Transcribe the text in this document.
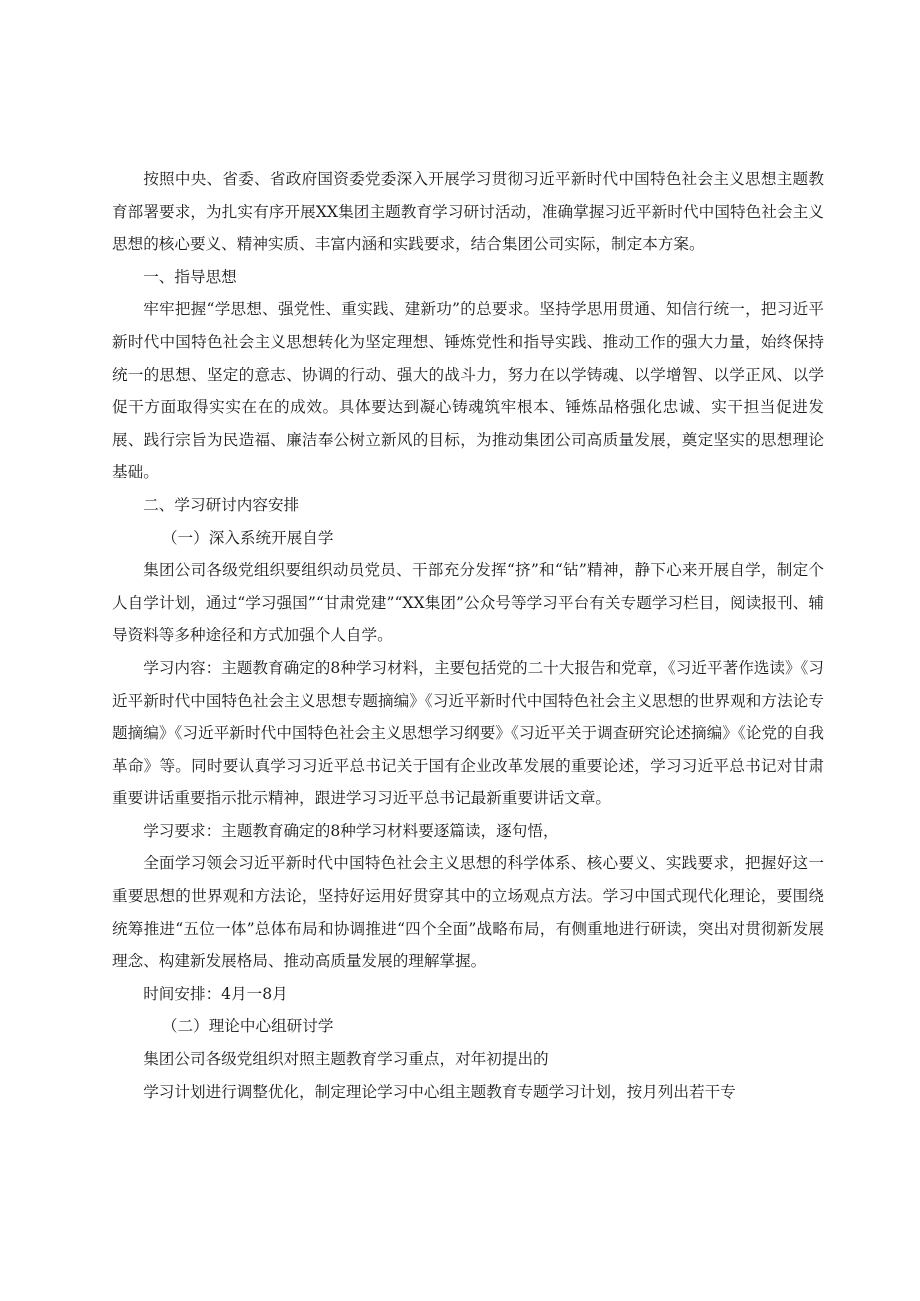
按照中央、省委、省政府国资委党委深入开展学习贯彻习近平新时代中国特色社会主义思想主题教育部署要求，为扎实有序开展XX集团主题教育学习研讨活动，准确掌握习近平新时代中国特色社会主义思想的核心要义、精神实质、丰富内涵和实践要求，结合集团公司实际，制定本方案。

一、指导思想

牢牢把握“学思想、强党性、重实践、建新功”的总要求。坚持学思用贯通、知信行统一，把习近平新时代中国特色社会主义思想转化为坚定理想、锤炼党性和指导实践、推动工作的强大力量，始终保持统一的思想、坚定的意志、协调的行动、强大的战斗力，努力在以学铸魂、以学增智、以学正风、以学促干方面取得实实在在的成效。具体要达到凝心铸魂筑牢根本、锤炼品格强化忠诚、实干担当促进发展、践行宗旨为民造福、廉洁奉公树立新风的目标，为推动集团公司高质量发展，奠定坚实的思想理论基础。

二、学习研讨内容安排

（一）深入系统开展自学

集团公司各级党组织要组织动员党员、干部充分发挥“挤”和“钻”精神，静下心来开展自学，制定个人自学计划，通过“学习强国”“甘肃党建”“XX集团”公众号等学习平台有关专题学习栏目，阅读报刊、辅导资料等多种途径和方式加强个人自学。

学习内容：主题教育确定的8种学习材料，主要包括党的二十大报告和党章，《习近平著作选读》《习近平新时代中国特色社会主义思想专题摘编》《习近平新时代中国特色社会主义思想的世界观和方法论专题摘编》《习近平新时代中国特色社会主义思想学习纲要》《习近平关于调查研究论述摘编》《论党的自我革命》等。同时要认真学习习近平总书记关于国有企业改革发展的重要论述，学习习近平总书记对甘肃重要讲话重要指示批示精神，跟进学习习近平总书记最新重要讲话文章。

学习要求：主题教育确定的8种学习材料要逐篇读，逐句悟，

全面学习领会习近平新时代中国特色社会主义思想的科学体系、核心要义、实践要求，把握好这一重要思想的世界观和方法论，坚持好运用好贯穿其中的立场观点方法。学习中国式现代化理论，要围绕统筹推进“五位一体”总体布局和协调推进“四个全面”战略布局，有侧重地进行研读，突出对贯彻新发展理念、构建新发展格局、推动高质量发展的理解掌握。

时间安排：4月一8月

（二）理论中心组研讨学

集团公司各级党组织对照主题教育学习重点，对年初提出的

学习计划进行调整优化，制定理论学习中心组主题教育专题学习计划，按月列出若干专
